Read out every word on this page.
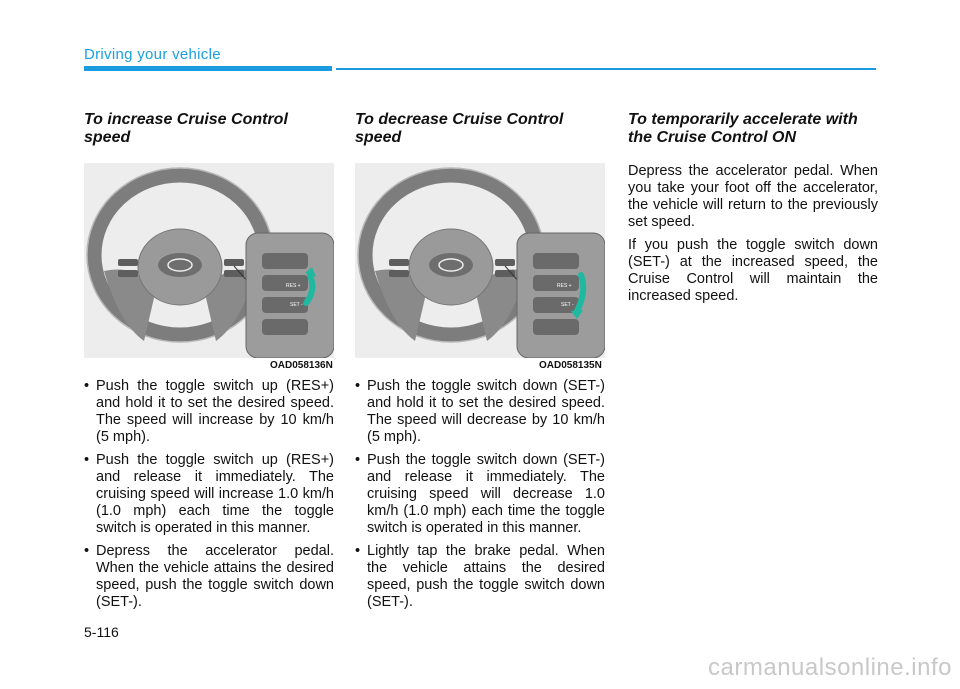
Driving your vehicle
To increase Cruise Control speed
RES +
SET -
OAD058136N
• Push the toggle switch up (RES+) and hold it to set the desired speed. The speed will increase by 10 km/h (5 mph).
• Push the toggle switch up (RES+) and release it immediately. The cruising speed will increase 1.0 km/h (1.0 mph) each time the toggle switch is operated in this manner.
• Depress the accelerator pedal. When the vehicle attains the desired speed, push the toggle switch down (SET-).
To decrease Cruise Control speed
RES +
SET -
OAD058135N
• Push the toggle switch down (SET-) and hold it to set the desired speed. The speed will decrease by 10 km/h (5 mph).
• Push the toggle switch down (SET-) and release it immediately. The cruising speed will decrease 1.0 km/h (1.0 mph) each time the toggle switch is operated in this manner.
• Lightly tap the brake pedal. When the vehicle attains the desired speed, push the toggle switch down (SET-).
To temporarily accelerate with the Cruise Control ON

Depress the accelerator pedal. When you take your foot off the accelerator, the vehicle will return to the previously set speed.

If you push the toggle switch down (SET-) at the increased speed, the Cruise Control will maintain the increased speed.

5-116
carmanualsonline.info
